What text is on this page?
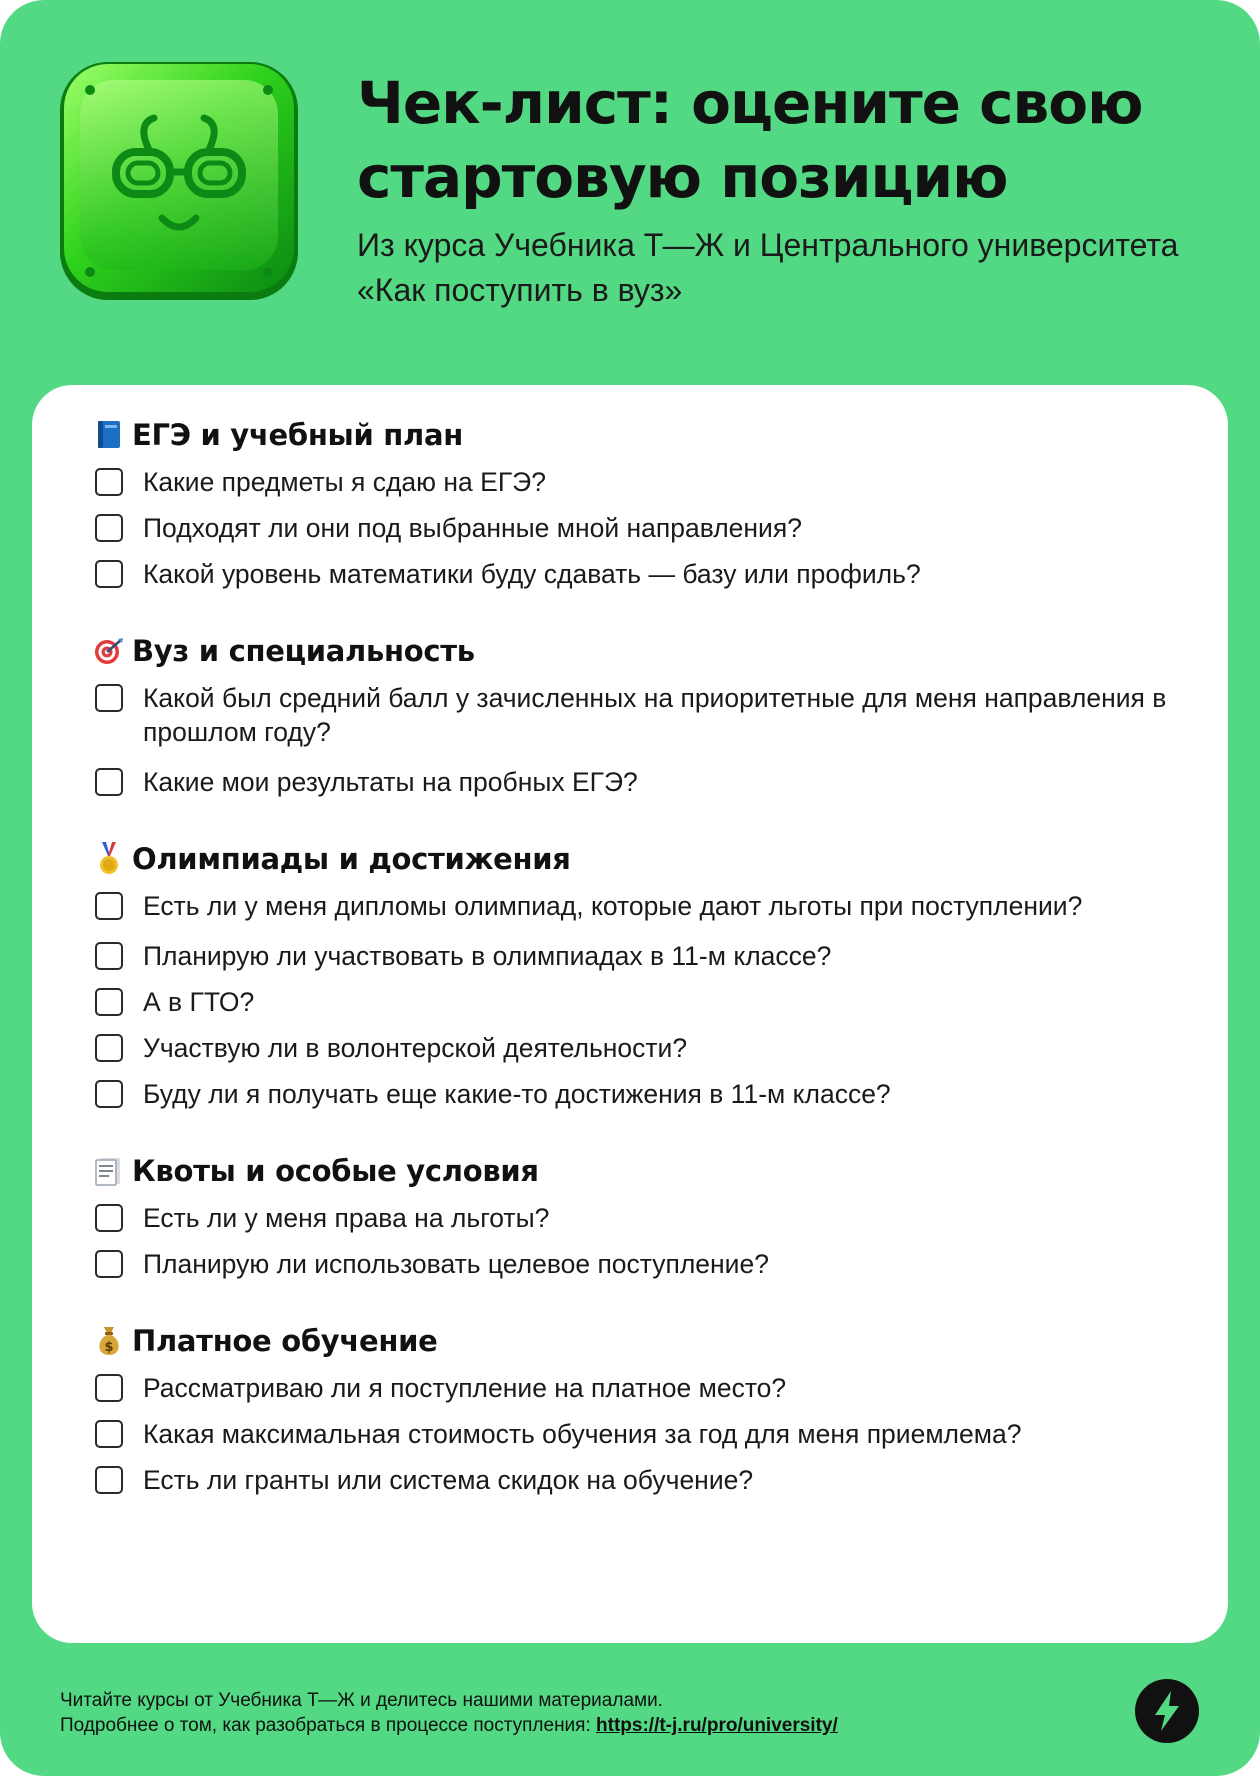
Чек-лист: оцените свою стартовую позицию
Из курса Учебника Т—Ж и Центрального университета «Как поступить в вуз»
ЕГЭ и учебный план
Какие предметы я сдаю на ЕГЭ?
Подходят ли они под выбранные мной направления?
Какой уровень математики буду сдавать — базу или профиль?
Вуз и специальность
Какой был средний балл у зачисленных на приоритетные для меня направления в прошлом году?
Какие мои результаты на пробных ЕГЭ?
Олимпиады и достижения
Есть ли у меня дипломы олимпиад, которые дают льготы при поступлении?
Планирую ли участвовать в олимпиадах в 11-м классе?
А в ГТО?
Участвую ли в волонтерской деятельности?
Буду ли я получать еще какие-то достижения в 11-м классе?
Квоты и особые условия
Есть ли у меня права на льготы?
Планирую ли использовать целевое поступление?
$ Платное обучение
Рассматриваю ли я поступление на платное место?
Какая максимальная стоимость обучения за год для меня приемлема?
Есть ли гранты или система скидок на обучение?
Читайте курсы от Учебника Т—Ж и делитесь нашими материалами.
Подробнее о том, как разобраться в процессе поступления: https://t-j.ru/pro/university/
